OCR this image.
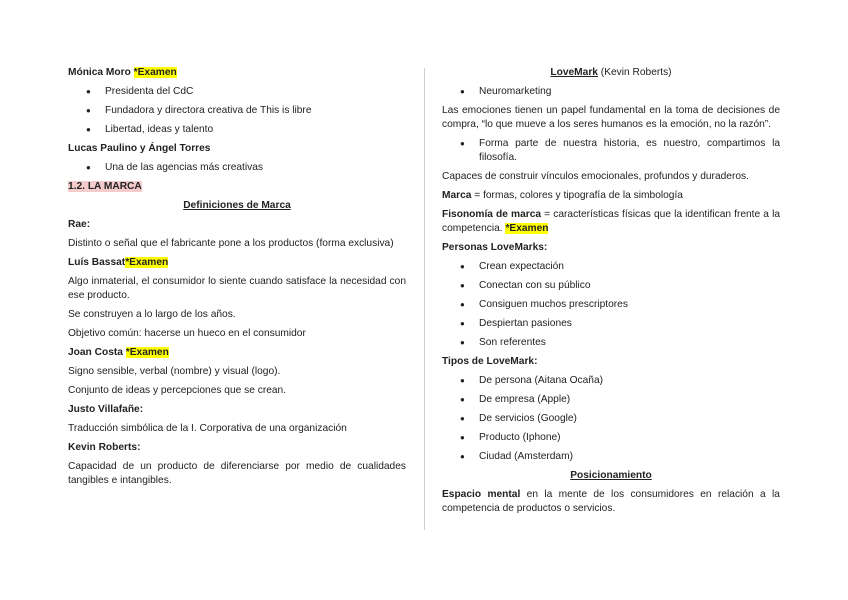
Mónica Moro *Examen

● Presidenta del CdC
● Fundadora y directora creativa de This is libre
● Libertad, ideas y talento

Lucas Paulino y Ángel Torres

● Una de las agencias más creativas

1.2. LA MARCA

Definiciones de Marca

Rae:

Distinto o señal que el fabricante pone a los productos (forma exclusiva)

Luís Bassat*Examen

Algo inmaterial, el consumidor lo siente cuando satisface la necesidad con ese producto.

Se construyen a lo largo de los años.

Objetivo común: hacerse un hueco en el consumidor

Joan Costa *Examen

Signo sensible, verbal (nombre) y visual (logo).

Conjunto de ideas y percepciones que se crean.

Justo Villafañe:

Traducción simbólica de la I. Corporativa de una organización

Kevin Roberts:

Capacidad de un producto de diferenciarse por medio de cualidades tangibles e intangibles.

LoveMark (Kevin Roberts)

● Neuromarketing

Las emociones tienen un papel fundamental en la toma de decisiones de compra, “lo que mueve a los seres humanos es la emoción, no la razón”.

● Forma parte de nuestra historia, es nuestro, compartimos la filosofía.

Capaces de construir vínculos emocionales, profundos y duraderos.

Marca = formas, colores y tipografía de la simbología

Fisonomía de marca = características físicas que la identifican frente a la competencia. *Examen

Personas LoveMarks:

● Crean expectación
● Conectan con su público
● Consiguen muchos prescriptores
● Despiertan pasiones
● Son referentes

Tipos de LoveMark:

● De persona (Aitana Ocaña)
● De empresa (Apple)
● De servicios (Google)
● Producto (Iphone)
● Ciudad (Amsterdam)

Posicionamiento

Espacio mental en la mente de los consumidores en relación a la competencia de productos o servicios.
